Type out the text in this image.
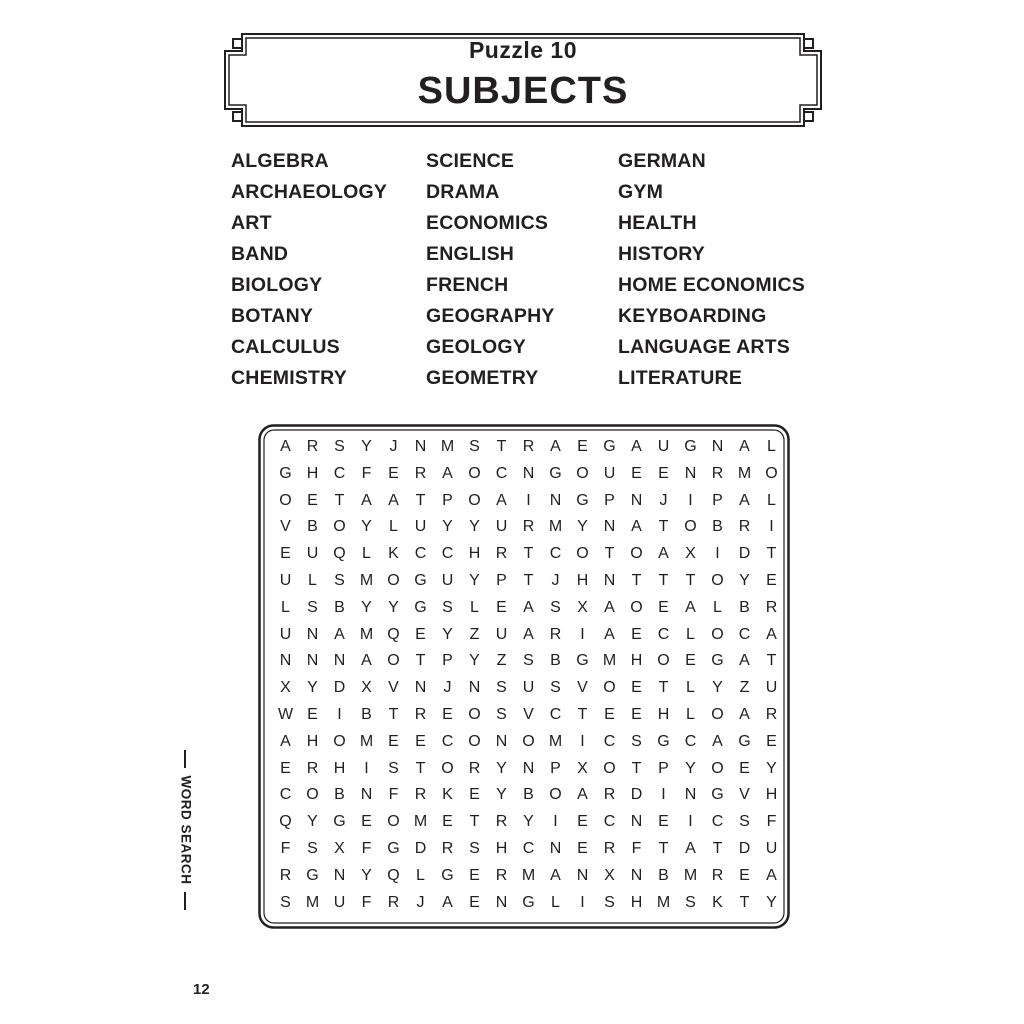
Puzzle 10
SUBJECTS
ALGEBRA
ARCHAEOLOGY
ART
BAND
BIOLOGY
BOTANY
CALCULUS
CHEMISTRY
SCIENCE
DRAMA
ECONOMICS
ENGLISH
FRENCH
GEOGRAPHY
GEOLOGY
GEOMETRY
GERMAN
GYM
HEALTH
HISTORY
HOME ECONOMICS
KEYBOARDING
LANGUAGE ARTS
LITERATURE
A R S	Y	J	N M S	T	R A	E G A U G N A	L
G H C	F	E R A O C N G O U E	E N R M O
O E	T	A	A	T	P O A	I	N G P N	J	I	P	A	L
V	B O Y	L	U Y	Y U R M Y N A	T O B R	I
E U Q	L	K C C H R	T	C O T O A	X	I	D	T
U	L	S M O G U Y	P	T	J	H N	T	T	T O Y	E
L	S	B	Y	Y G S	L	E	A	S	X	A O E	A	L	B R
U N A M Q E	Y	Z	U A R	I	A	E C	L	O C A
N N N A O T	P	Y	Z	S	B G M H O E G A	T
X	Y D X	V N	J	N S U S	V O E	T	L	Y	Z	U
W E	I	B	T	R E O S	V C	T	E	E H	L	O A R
A H O M E	E C O N O M	I	C S G C A G E
E R H	I	S	T O R Y N P	X O T	P	Y O E	Y
C O B N	F	R K	E	Y	B O A R D	I	N G V H
Q Y G E O M E	T	R Y	I	E C N E	I	C S	F
F	S	X	F G D R S H C N E R	F	T	A	T	D U
R G N Y Q	L	G E R M A N X N B M R E	A
S M U	F	R	J	A	E N G	L	I	S H M S	K	T	Y
WORD SEARCH
12
